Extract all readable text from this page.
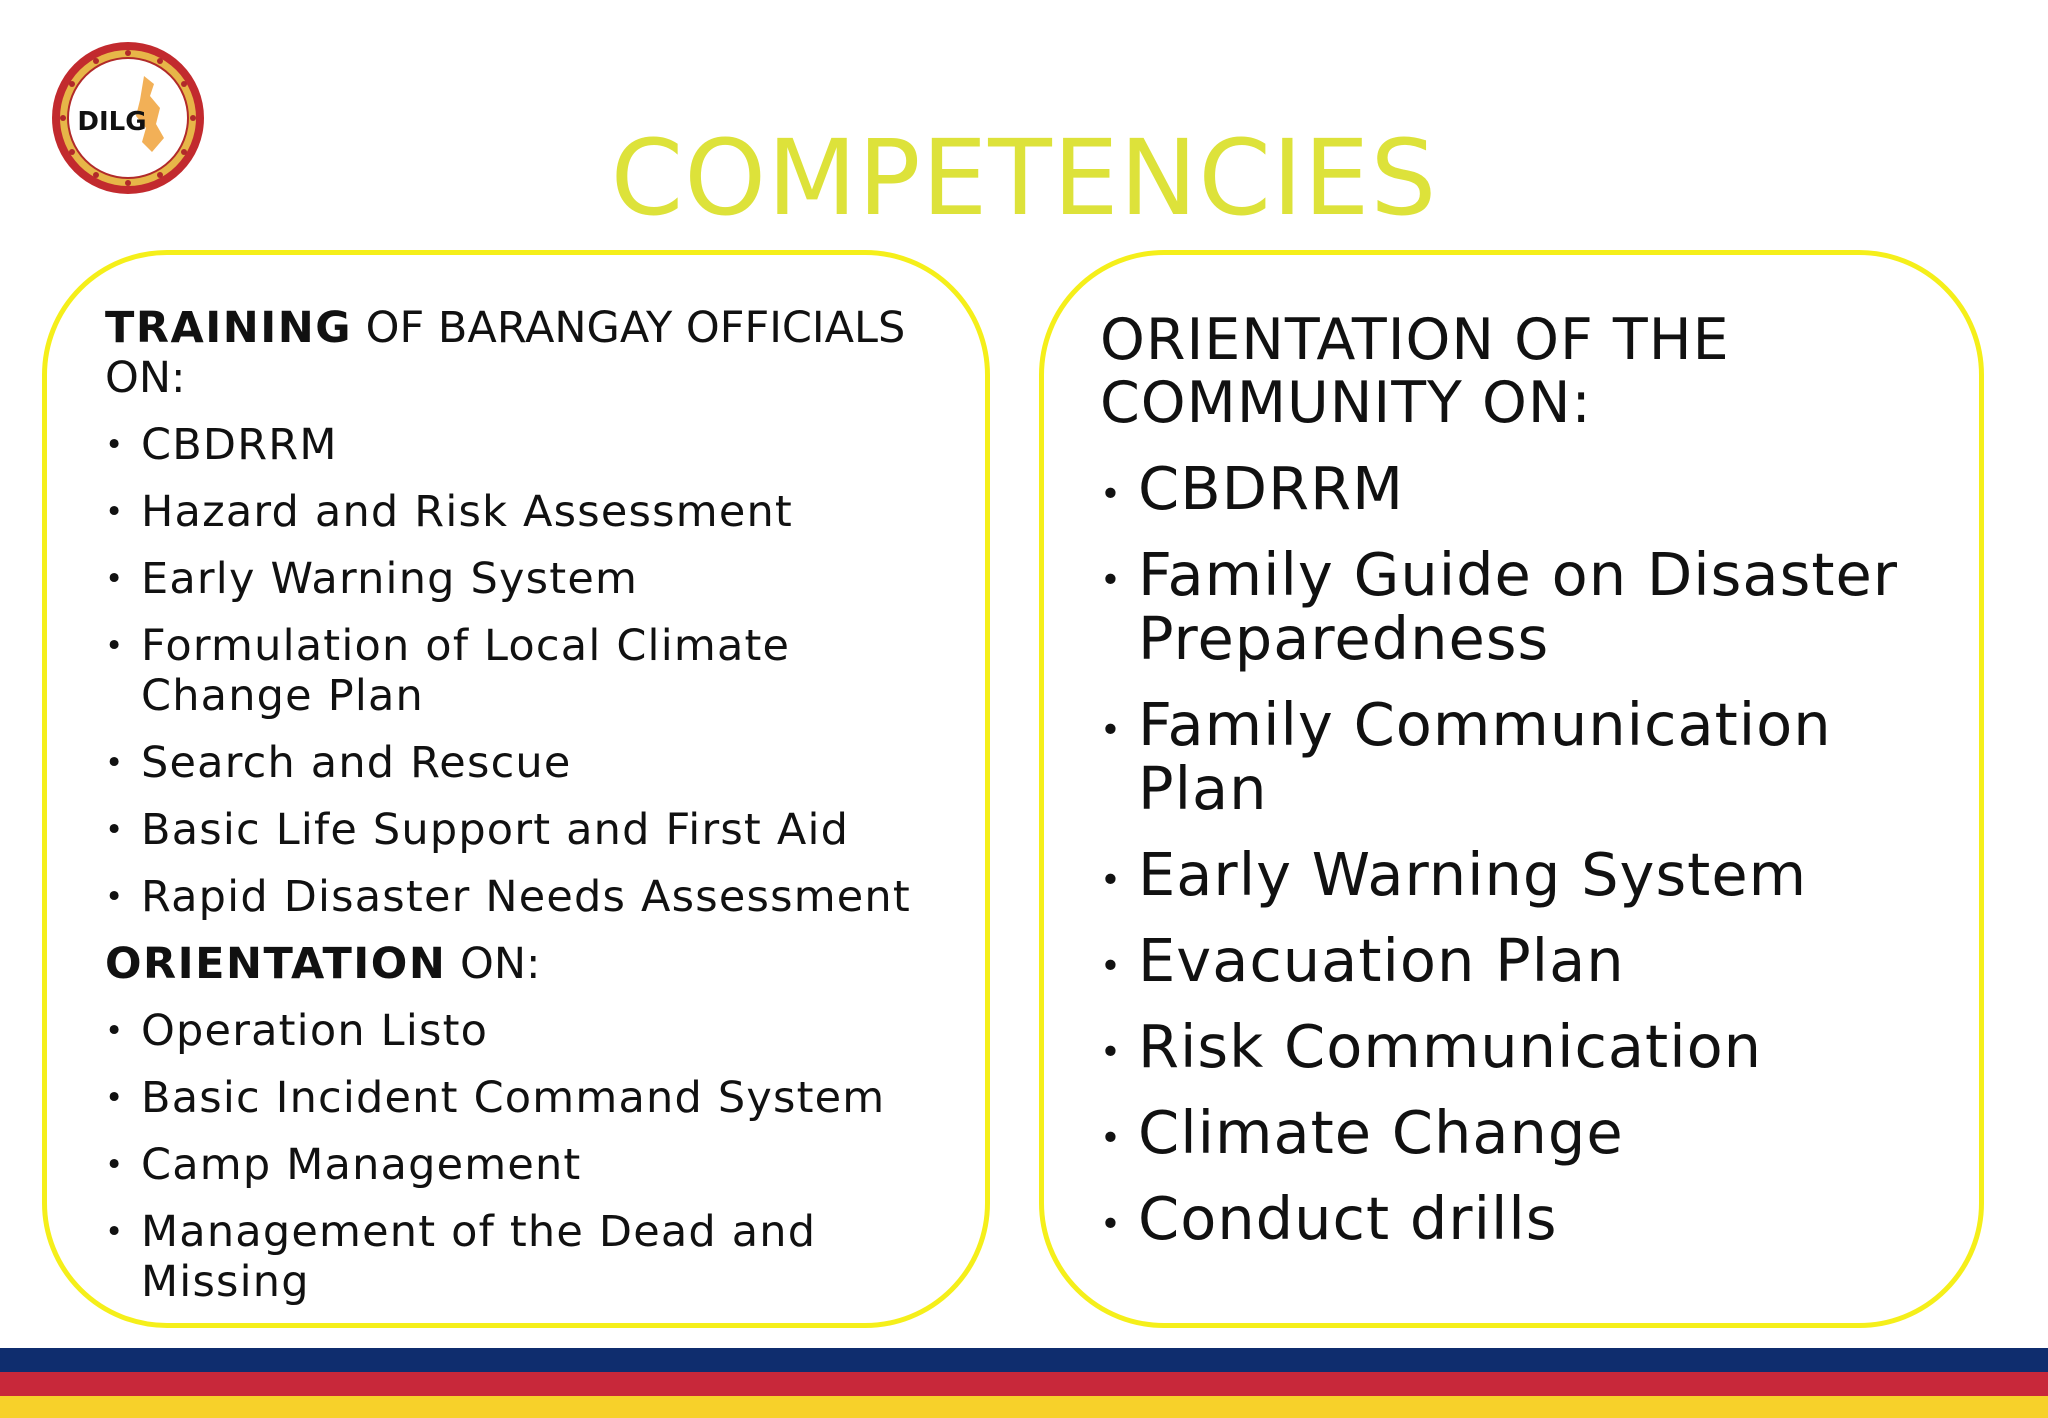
DILG	COMPETENCIES

TRAINING OF BARANGAY OFFICIALS ON:

• CBDRRM
• Hazard and Risk Assessment
• Early Warning System
• Formulation of Local Climate Change Plan
• Search and Rescue
• Basic Life Support and First Aid
• Rapid Disaster Needs Assessment

ORIENTATION ON:

• Operation Listo
• Basic Incident Command System
• Camp Management
• Management of the Dead and Missing

ORIENTATION OF THE COMMUNITY ON:

• CBDRRM
• Family Guide on Disaster Preparedness
• Family Communication Plan
• Early Warning System
• Evacuation Plan
• Risk Communication
• Climate Change
• Conduct drills
